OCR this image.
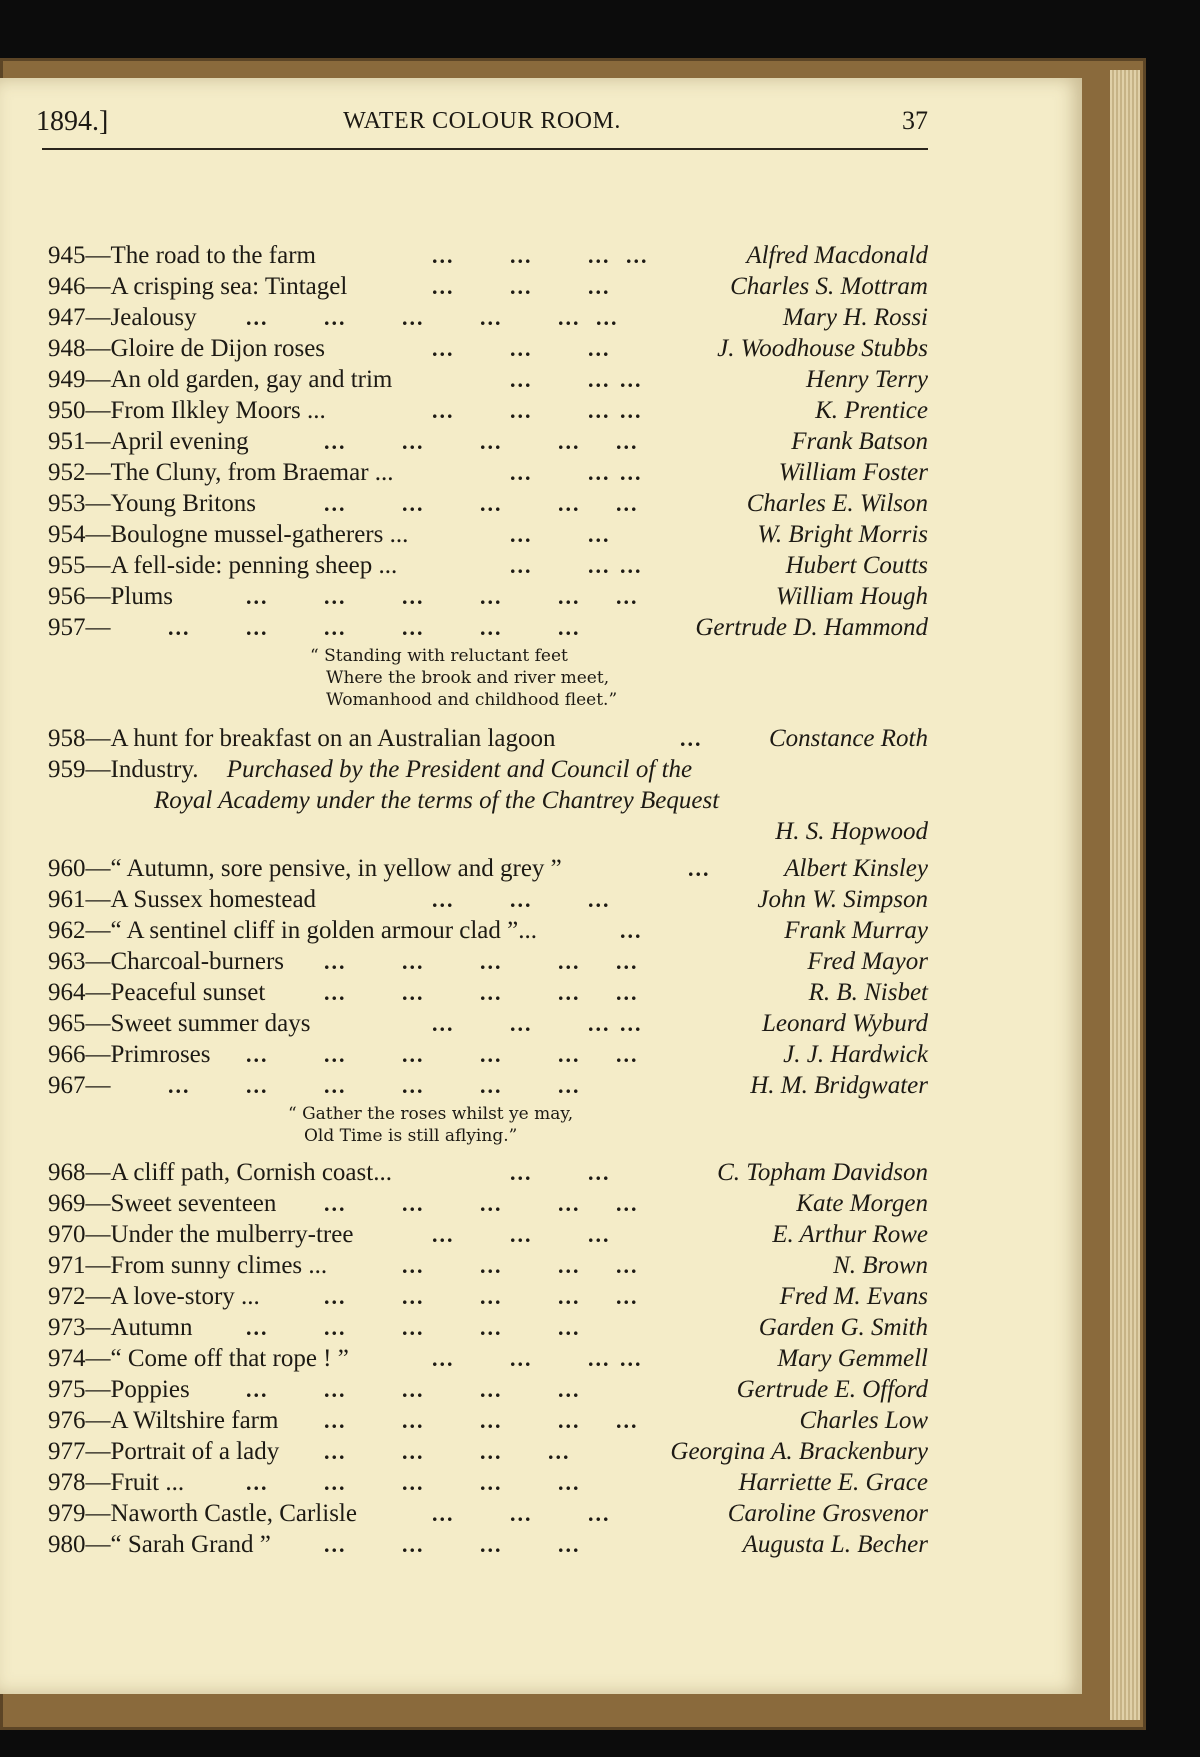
1894.]	WATER COLOUR ROOM.	37
945—The road to the farm	...	...	... ...	Alfred Macdonald
946—A crisping sea: Tintagel	...	...	...	Charles S. Mottram
947—Jealousy ...	...	...	...	... ...	Mary H. Rossi
948—Gloire de Dijon roses	...	...	...	J. Woodhouse Stubbs
949—An old garden, gay and trim	...	... ...	Henry Terry
950—From Ilkley Moors ...	...	...	... ...	K. Prentice
951—April evening	...	...	...	... ...	Frank Batson
952—The Cluny, from Braemar ...	...	... ...	William Foster
953—Young Britons	...	...	...	... ...	Charles E. Wilson
954—Boulogne mussel-gatherers ...	...	...	W. Bright Morris
955—A fell-side: penning sheep ...	...	... ...	Hubert Coutts
956—Plums	...	...	...	...	... ...	William Hough
957—	...	...	...	...	...	...	Gertrude D. Hammond
“ Standing with reluctant feet
Where the brook and river meet,
Womanhood and childhood fleet.”
958—A hunt for breakfast on an Australian lagoon	...	Constance Roth
959—Industry. Purchased by the President and Council of the
Royal Academy under the terms of the Chantrey Bequest
H. S. Hopwood
960—“ Autumn, sore pensive, in yellow and grey ”	...	Albert Kinsley
961—A Sussex homestead	...	...	...	John W. Simpson
962—“ A sentinel cliff in golden armour clad ”...	...	Frank Murray
963—Charcoal-burners ...	...	...	... ...	Fred Mayor
964—Peaceful sunset	...	...	...	... ...	R. B. Nisbet
965—Sweet summer days	...	...	... ...	Leonard Wyburd
966—Primroses ...	...	...	...	... ...	J. J. Hardwick
967—	...	...	...	...	...	...	H. M. Bridgwater
“ Gather the roses whilst ye may,
Old Time is still aflying.”
968—A cliff path, Cornish coast...	...	...	C. Topham Davidson
969—Sweet seventeen ...	...	...	... ...	Kate Morgen
970—Under the mulberry-tree	...	...	...	E. Arthur Rowe
971—From sunny climes ...	...	...	... ...	N. Brown
972—A love-story ...	...	...	...	... ...	Fred M. Evans
973—Autumn ...	...	...	...	...	Garden G. Smith
974—“ Come off that rope ! ”	...	...	... ...	Mary Gemmell
975—Poppies	...	...	...	...	...	Gertrude E. Offord
976—A Wiltshire farm ...	...	...	... ...	Charles Low
977—Portrait of a lady ...	...	... ...	Georgina A. Brackenbury
978—Fruit ...	...	...	...	...	...	Harriette E. Grace
979—Naworth Castle, Carlisle	...	...	...	Caroline Grosvenor
980—“ Sarah Grand ” ...	...	...	...	Augusta L. Becher
